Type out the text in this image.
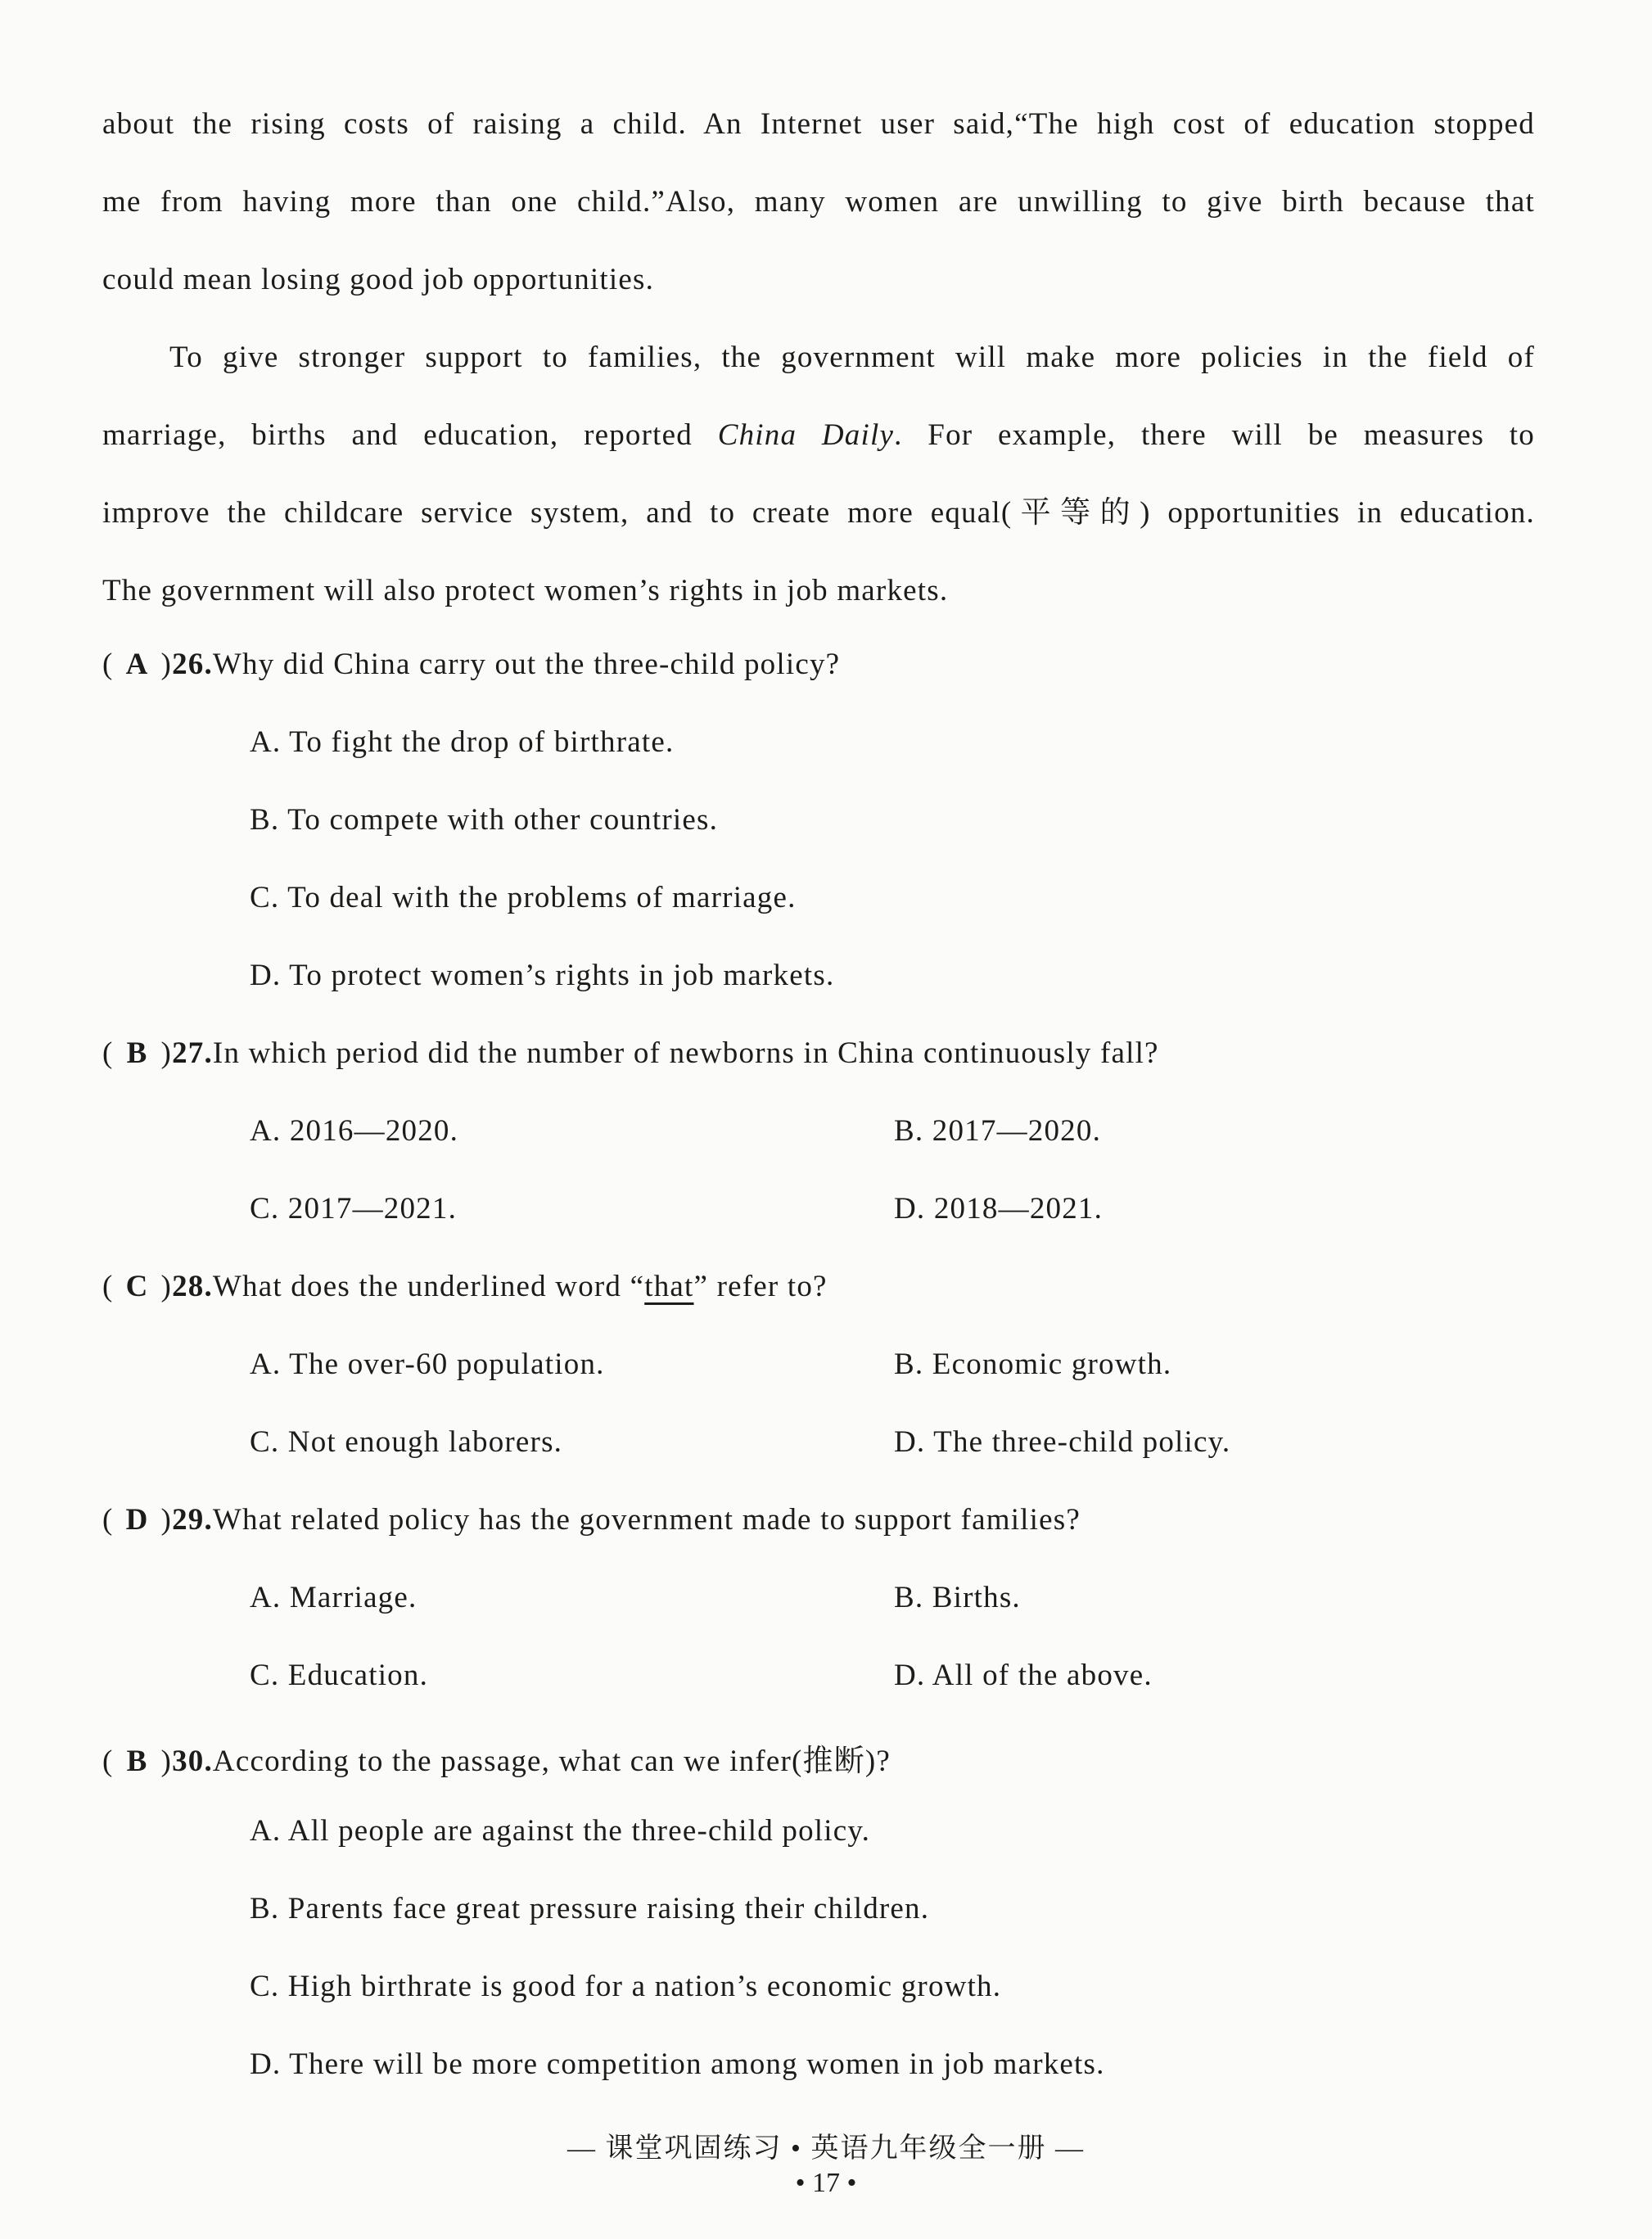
about the rising costs of raising a child. An Internet user said,“The high cost of education stopped
me from having more than one child.”Also, many women are unwilling to give birth because that
could mean losing good job opportunities.
To give stronger support to families, the government will make more policies in the field of
marriage, births and education, reported China Daily. For example, there will be measures to
improve the childcare service system, and to create more equal(平等的) opportunities in education.
The government will also protect women’s rights in job markets.
( A )26.Why did China carry out the three-child policy?
A. To fight the drop of birthrate.
B. To compete with other countries.
C. To deal with the problems of marriage.
D. To protect women’s rights in job markets.
( B )27.In which period did the number of newborns in China continuously fall?
A. 2016—2020.	B. 2017—2020.
C. 2017—2021.	D. 2018—2021.
( C )28.What does the underlined word “that” refer to?
A. The over-60 population.	B. Economic growth.
C. Not enough laborers.	D. The three-child policy.
( D )29.What related policy has the government made to support families?
A. Marriage.	B. Births.
C. Education.	D. All of the above.
( B )30.According to the passage, what can we infer(推断)?
A. All people are against the three-child policy.
B. Parents face great pressure raising their children.
C. High birthrate is good for a nation’s economic growth.
D. There will be more competition among women in job markets.
— 课堂巩固练习 • 英语九年级全一册 —
• 17 •
